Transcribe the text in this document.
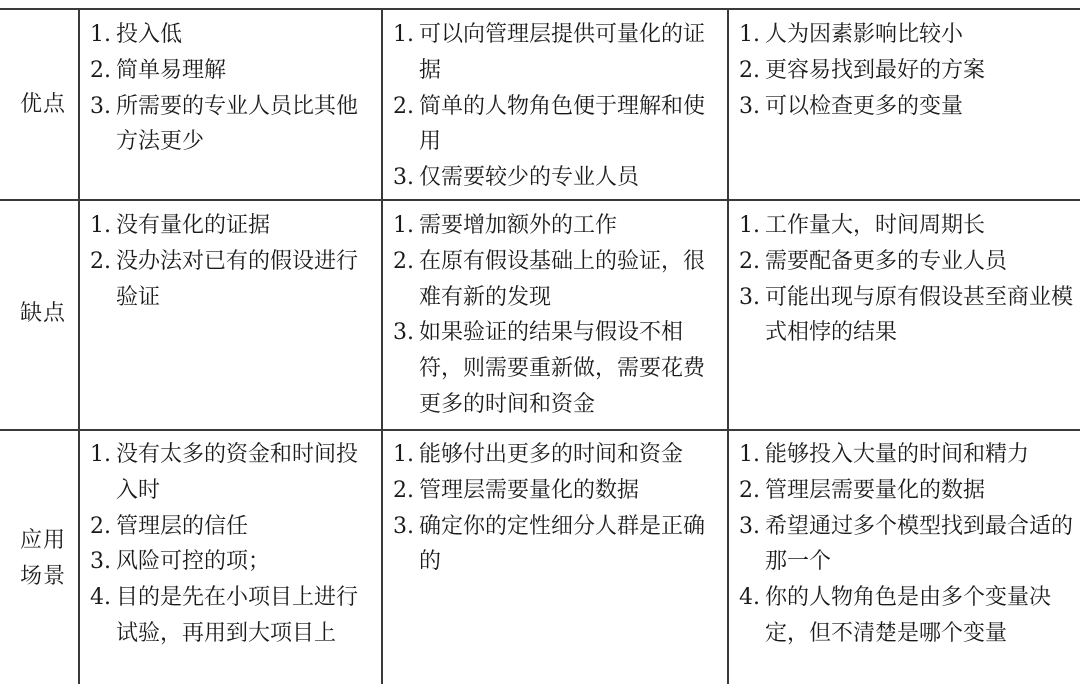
优点
1. 投入低
2. 简单易理解
3. 所需要的专业人员比其他方法更少
1. 可以向管理层提供可量化的证据
2. 简单的人物角色便于理解和使用
3. 仅需要较少的专业人员
1. 人为因素影响比较小
2. 更容易找到最好的方案
3. 可以检查更多的变量
缺点
1. 没有量化的证据
2. 没办法对已有的假设进行验证
1. 需要增加额外的工作
2. 在原有假设基础上的验证，很难有新的发现
3. 如果验证的结果与假设不相符，则需要重新做，需要花费更多的时间和资金
1. 工作量大，时间周期长
2. 需要配备更多的专业人员
3. 可能出现与原有假设甚至商业模式相悖的结果
应用场景
1. 没有太多的资金和时间投入时
2. 管理层的信任
3. 风险可控的项；
4. 目的是先在小项目上进行试验，再用到大项目上
1. 能够付出更多的时间和资金
2. 管理层需要量化的数据
3. 确定你的定性细分人群是正确的
1. 能够投入大量的时间和精力
2. 管理层需要量化的数据
3. 希望通过多个模型找到最合适的那一个
4. 你的人物角色是由多个变量决定，但不清楚是哪个变量
